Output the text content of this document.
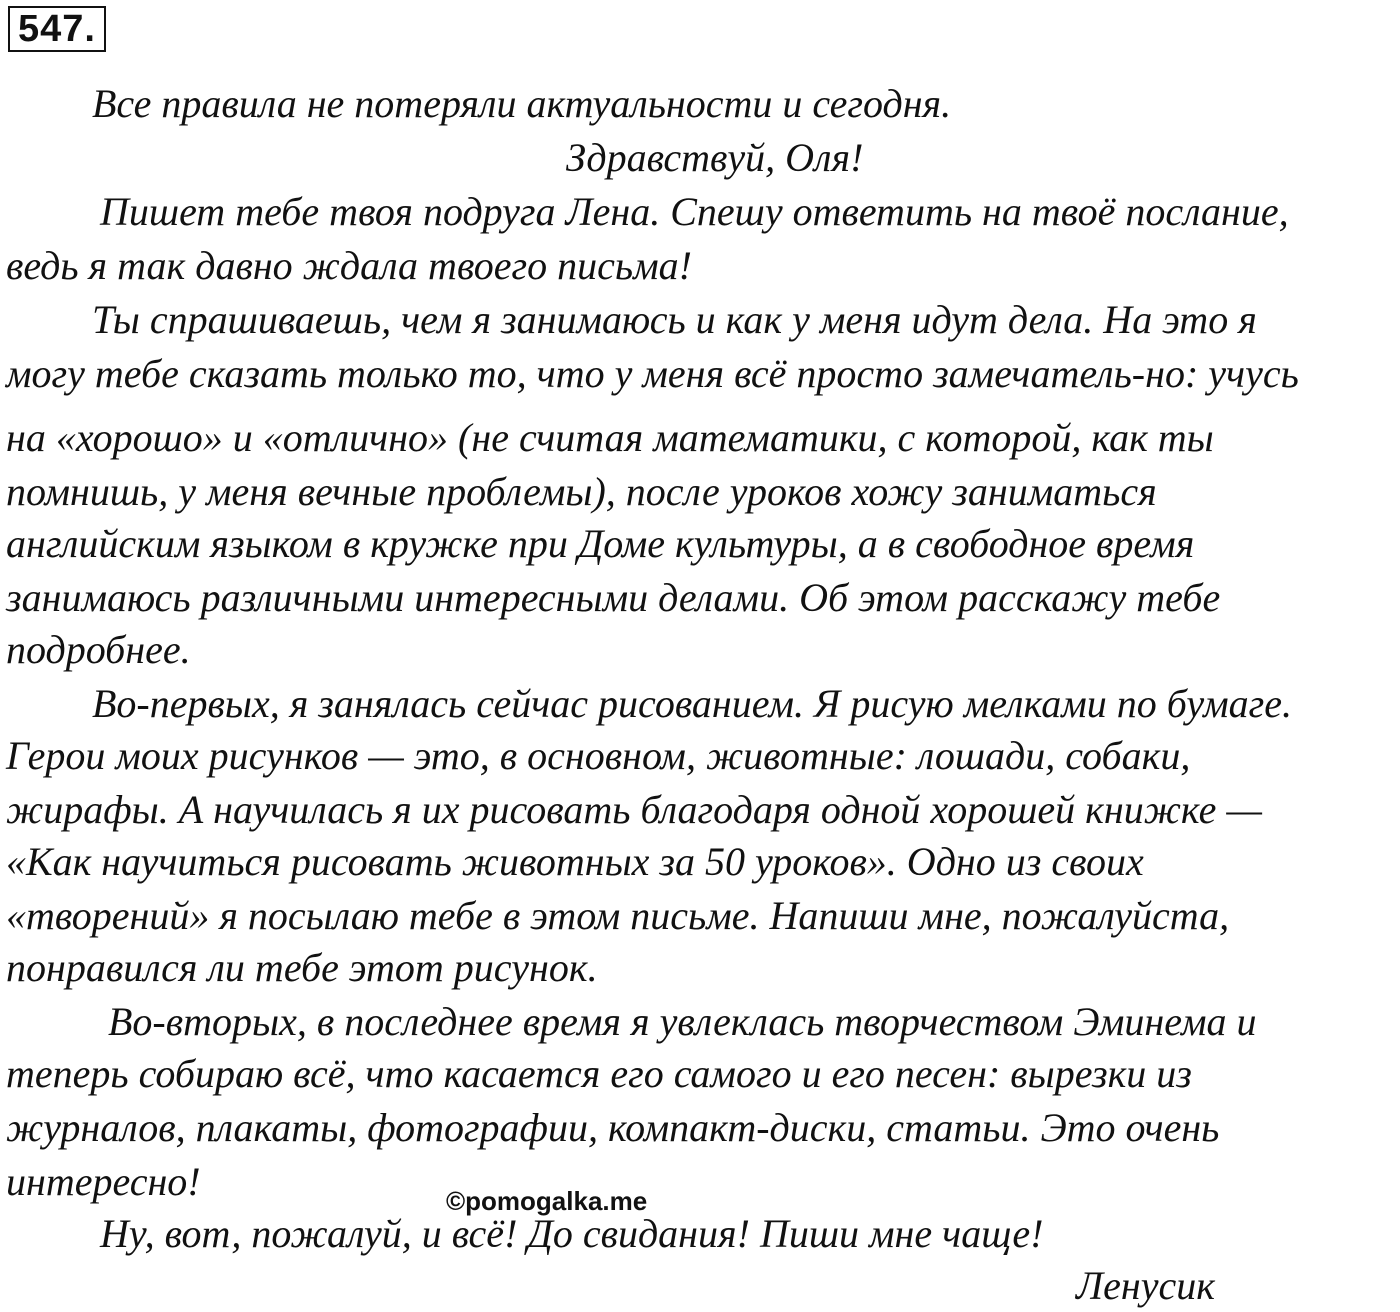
547.

Все правила не потеряли актуальности и сегодня.

Здравствуй, Оля!

Пишет тебе твоя подруга Лена. Спешу ответить на твоё послание,

ведь я так давно ждала твоего письма!

Ты спрашиваешь, чем я занимаюсь и как у меня идут дела. На это я

могу тебе сказать только то, что у меня всё просто замечатель-но: учусь

на «хорошо» и «отлично» (не считая математики, с которой, как ты

помнишь, у меня вечные проблемы), после уроков хожу заниматься

английским языком в кружке при Доме культуры, а в свободное время

занимаюсь различными интересными делами. Об этом расскажу тебе

подробнее.

Во-первых, я занялась сейчас рисованием. Я рисую мелками по бумаге.

Герои моих рисунков — это, в основном, животные: лошади, собаки,

жирафы. А научилась я их рисовать благодаря одной хорошей книжке —

«Как научиться рисовать животных за 50 уроков». Одно из своих

«творений» я посылаю тебе в этом письме. Напиши мне, пожалуйста,

понравился ли тебе этот рисунок.

Во-вторых, в последнее время я увлеклась творчеством Эминема и

теперь собираю всё, что касается его самого и его песен: вырезки из

журналов, плакаты, фотографии, компакт-диски, статьи. Это очень

интересно!

Ну, вот, пожалуй, и всё! До свидания! Пиши мне чаще!

Ленусик

©pomogalka.me
